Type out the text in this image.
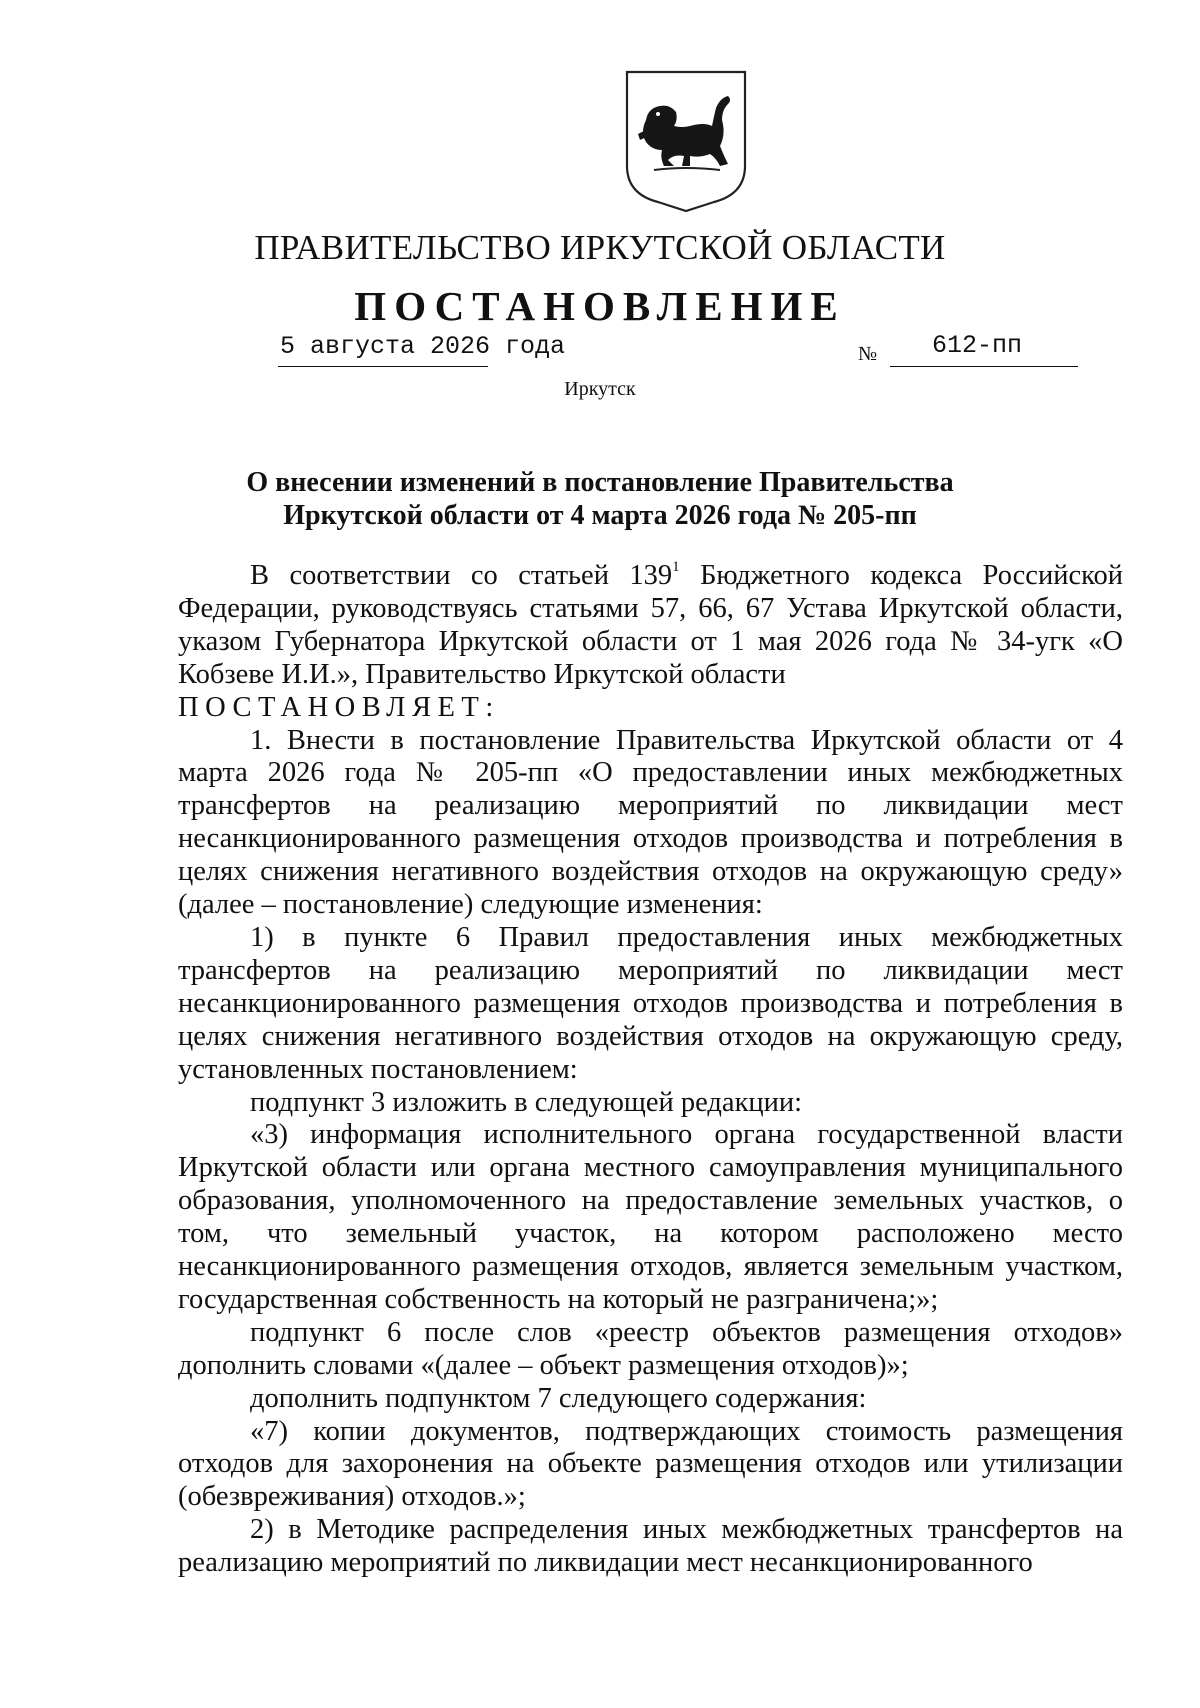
ПРАВИТЕЛЬСТВО ИРКУТСКОЙ ОБЛАСТИ
ПОСТАНОВЛЕНИЕ
5 августа 2026 года	№ 612-пп
Иркутск
О внесении изменений в постановление Правительства
Иркутской области от 4 марта 2026 года № 205-пп

В соответствии со статьей $139^1$ Бюджетного кодекса Российской Федерации, руководствуясь статьями 57, 66, 67 Устава Иркутской области, указом Губернатора Иркутской области от 1 мая 2026 года № 34-угк «О Кобзеве И.И.», Правительство Иркутской области

ПОСТАНОВЛЯЕТ:

1. Внести в постановление Правительства Иркутской области от 4 марта 2026 года № 205-пп «О предоставлении иных межбюджетных трансфертов на реализацию мероприятий по ликвидации мест несанкционированного размещения отходов производства и потребления в целях снижения негативного воздействия отходов на окружающую среду» (далее – постановление) следующие изменения:

1) в пункте 6 Правил предоставления иных межбюджетных трансфертов на реализацию мероприятий по ликвидации мест несанкционированного размещения отходов производства и потребления в целях снижения негативного воздействия отходов на окружающую среду, установленных постановлением:

подпункт 3 изложить в следующей редакции:

«3) информация исполнительного органа государственной власти Иркутской области или органа местного самоуправления муниципального образования, уполномоченного на предоставление земельных участков, о том, что земельный участок, на котором расположено место несанкционированного размещения отходов, является земельным участком, государственная собственность на который не разграничена;»;

подпункт 6 после слов «реестр объектов размещения отходов» дополнить словами «(далее – объект размещения отходов)»;

дополнить подпунктом 7 следующего содержания:

«7) копии документов, подтверждающих стоимость размещения отходов для захоронения на объекте размещения отходов или утилизации (обезвреживания) отходов.»;

2) в Методике распределения иных межбюджетных трансфертов на реализацию мероприятий по ликвидации мест несанкционированного
